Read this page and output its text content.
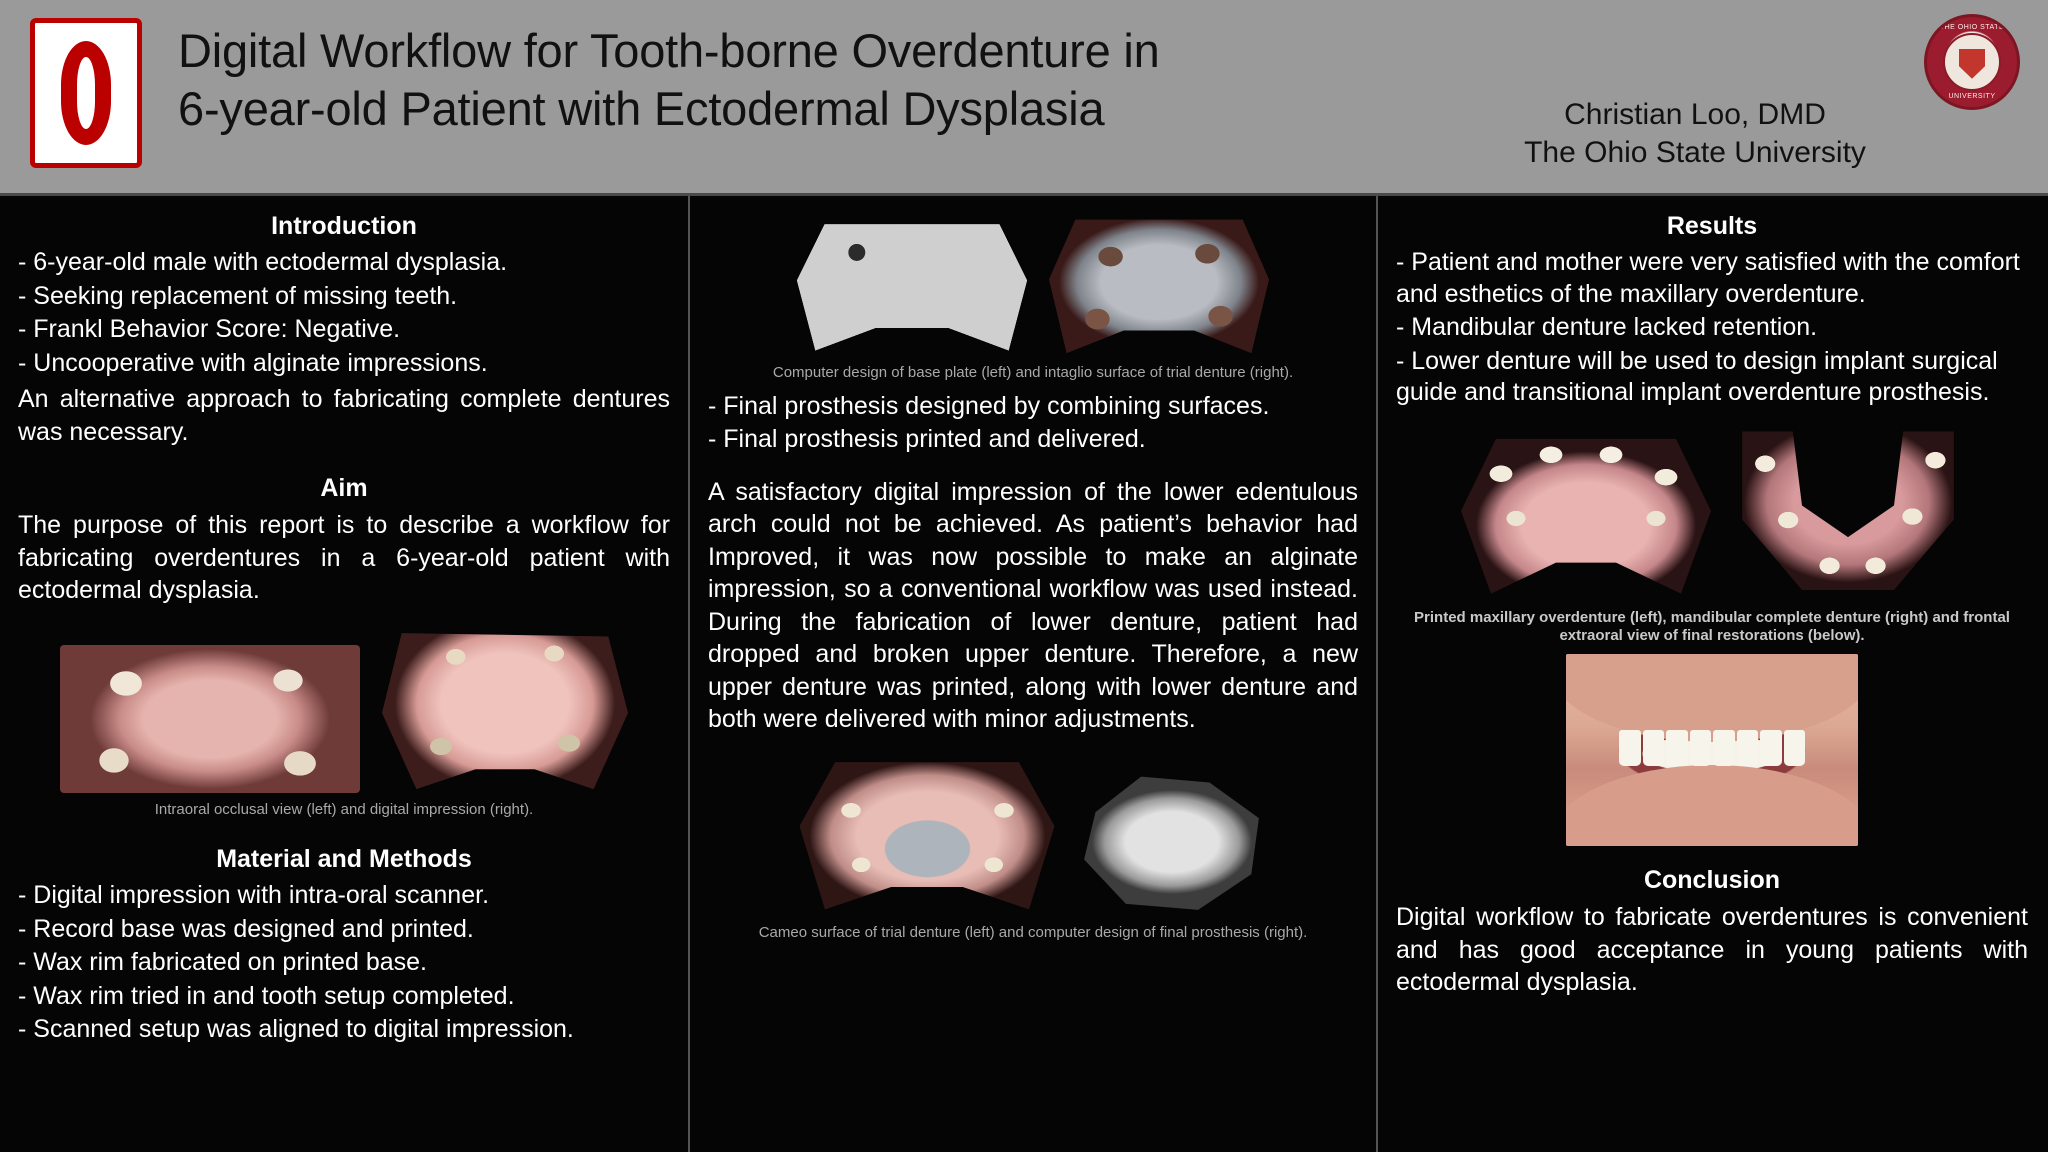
Digital Workflow for Tooth-borne Overdenture in
6-year-old Patient with Ectodermal Dysplasia	Christian Loo, DMD
The Ohio State University
THE OHIO STATE
UNIVERSITY
Introduction

- 6-year-old male with ectodermal dysplasia.

- Seeking replacement of missing teeth.

- Frankl Behavior Score: Negative.

- Uncooperative with alginate impressions.

An alternative approach to fabricating complete dentures was necessary.

Aim

The purpose of this report is to describe a workflow for fabricating overdentures in a 6-year-old patient with ectodermal dysplasia.

Intraoral occlusal view (left) and digital impression (right).

Material and Methods

- Digital impression with intra-oral scanner.

- Record base was designed and printed.

- Wax rim fabricated on printed base.

- Wax rim tried in and tooth setup completed.

- Scanned setup was aligned to digital impression.

Computer design of base plate (left) and intaglio surface of trial denture (right).

- Final prosthesis designed by combining surfaces.

- Final prosthesis printed and delivered.

A satisfactory digital impression of the lower edentulous arch could not be achieved. As patient’s behavior had Improved, it was now possible to make an alginate impression, so a conventional workflow was used instead. During the fabrication of lower denture, patient had dropped and broken upper denture. Therefore, a new upper denture was printed, along with lower denture and both were delivered with minor adjustments.

Cameo surface of trial denture (left) and computer design of final prosthesis (right).

Results

- Patient and mother were very satisfied with the comfort and esthetics of the maxillary overdenture.

- Mandibular denture lacked retention.

- Lower denture will be used to design implant surgical guide and transitional implant overdenture prosthesis.

Printed maxillary overdenture (left), mandibular complete denture (right) and frontal extraoral view of final restorations (below).

Conclusion

Digital workflow to fabricate overdentures is convenient and has good acceptance in young patients with ectodermal dysplasia.
